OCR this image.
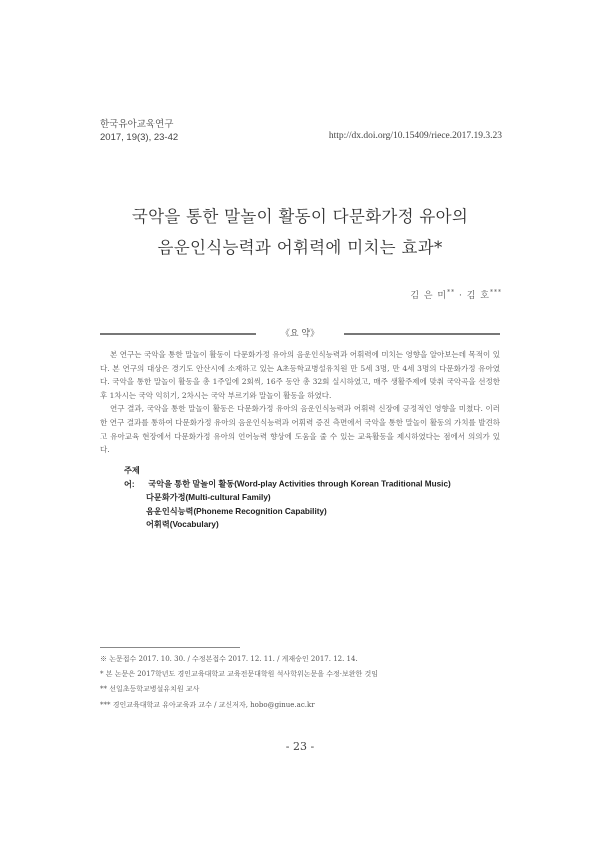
한국유아교육연구
2017, 19(3), 23-42	http://dx.doi.org/10.15409/riece.2017.19.3.23
국악을 통한 말놀이 활동이 다문화가정 유아의
음운인식능력과 어휘력에 미치는 효과*
김 은 미** · 김 호***
《요 약》

본 연구는 국악을 통한 말놀이 활동이 다문화가정 유아의 음운인식능력과 어휘력에 미치는 영향을 알아보는데 목적이 있다. 본 연구의 대상은 경기도 안산시에 소재하고 있는 A초등학교병설유치원 만 5세 3명, 만 4세 3명의 다문화가정 유아였다. 국악을 통한 말놀이 활동을 총 1주일에 2회씩, 16주 동안 총 32회 실시하였고, 매주 생활주제에 맞춰 국악곡을 선정한 후 1차시는 국악 익히기, 2차시는 국악 부르기와 말놀이 활동을 하였다.

연구 결과, 국악을 통한 말놀이 활동은 다문화가정 유아의 음운인식능력과 어휘력 신장에 긍정적인 영향을 미쳤다. 이러한 연구 결과를 통하여 다문화가정 유아의 음운인식능력과 어휘력 증진 측면에서 국악을 통한 말놀이 활동의 가치를 발견하고 유아교육 현장에서 다문화가정 유아의 언어능력 향상에 도움을 줄 수 있는 교육활동을 제시하였다는 점에서 의의가 있다.

주제어: 국악을 통한 말놀이 활동(Word-play Activities through Korean Traditional Music)
다문화가정(Multi-cultural Family)
음운인식능력(Phoneme Recognition Capability)
어휘력(Vocabulary)
※ 논문접수 2017. 10. 30. / 수정본접수 2017. 12. 11. / 게재승인 2017. 12. 14.
* 본 논문은 2017학년도 경인교육대학교 교육전문대학원 석사학위논문을 수정·보완한 것임
** 선일초등학교병설유치원 교사
*** 경인교육대학교 유아교육과 교수 / 교신저자, hobo@ginue.ac.kr
- 23 -
